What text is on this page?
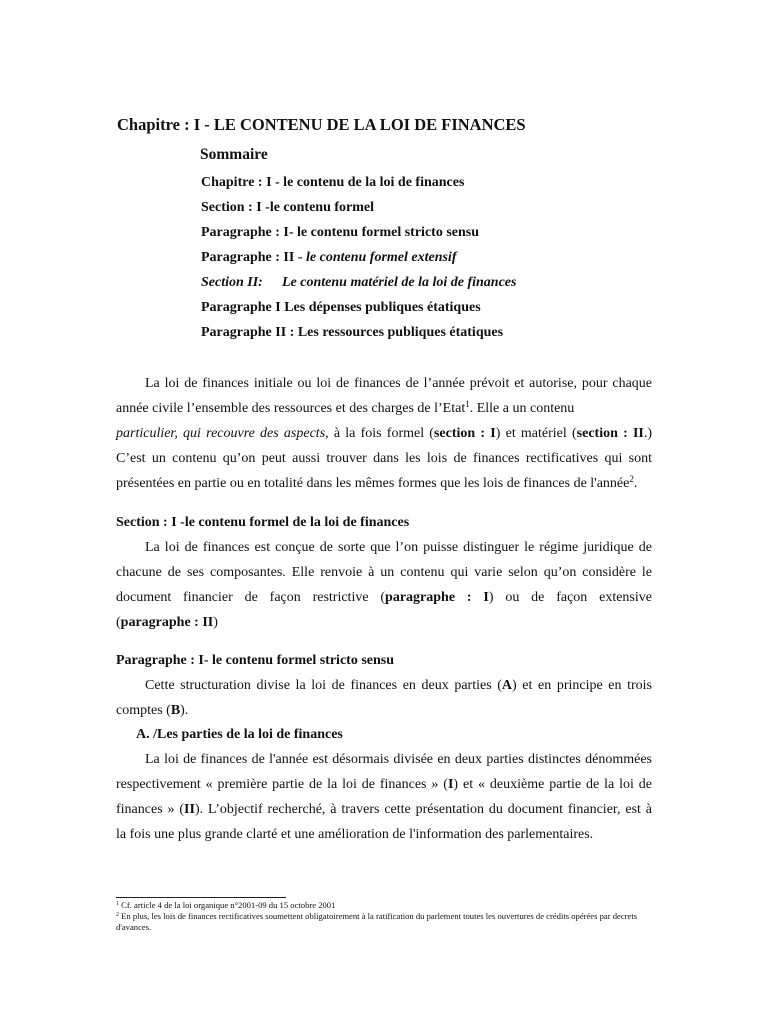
Chapitre : I - LE CONTENU DE LA LOI DE FINANCES
Sommaire
Chapitre : I - le contenu de la loi de finances
Section : I -le contenu formel
Paragraphe : I- le contenu formel stricto sensu
Paragraphe : II - le contenu formel extensif
Section II: Le contenu matériel de la loi de finances
Paragraphe I Les dépenses publiques étatiques
Paragraphe II : Les ressources publiques étatiques
La loi de finances initiale ou loi de finances de l’année prévoit et autorise, pour chaque
année civile l’ensemble des ressources et des charges de l’Etat$^1$. Elle a un contenu
particulier, qui recouvre des aspects, à la fois formel (section : I) et matériel (section : II.)
C’est un contenu qu’on peut aussi trouver dans les lois de finances rectificatives qui sont
présentées en partie ou en totalité dans les mêmes formes que les lois de finances de l'année$^2$.
Section : I -le contenu formel de la loi de finances
La loi de finances est conçue de sorte que l’on puisse distinguer le régime juridique de
chacune de ses composantes. Elle renvoie à un contenu qui varie selon qu’on considère le
document financier de façon restrictive (paragraphe : I) ou de façon extensive
(paragraphe : II)
Paragraphe : I- le contenu formel stricto sensu
Cette structuration divise la loi de finances en deux parties (A) et en principe en trois
comptes (B).
A. /Les parties de la loi de finances
La loi de finances de l'année est désormais divisée en deux parties distinctes dénommées
respectivement « première partie de la loi de finances » (I) et « deuxième partie de la loi de
finances » (II). L’objectif recherché, à travers cette présentation du document financier, est à
la fois une plus grande clarté et une amélioration de l'information des parlementaires.
$^1$ Cf. article 4 de la loi organique n°2001-09 du 15 octobre 2001
$^2$ En plus, les lois de finances rectificatives soumettent obligatoirement à la ratification du parlement toutes les ouvertures de crédits opérées par decrets d'avances.
